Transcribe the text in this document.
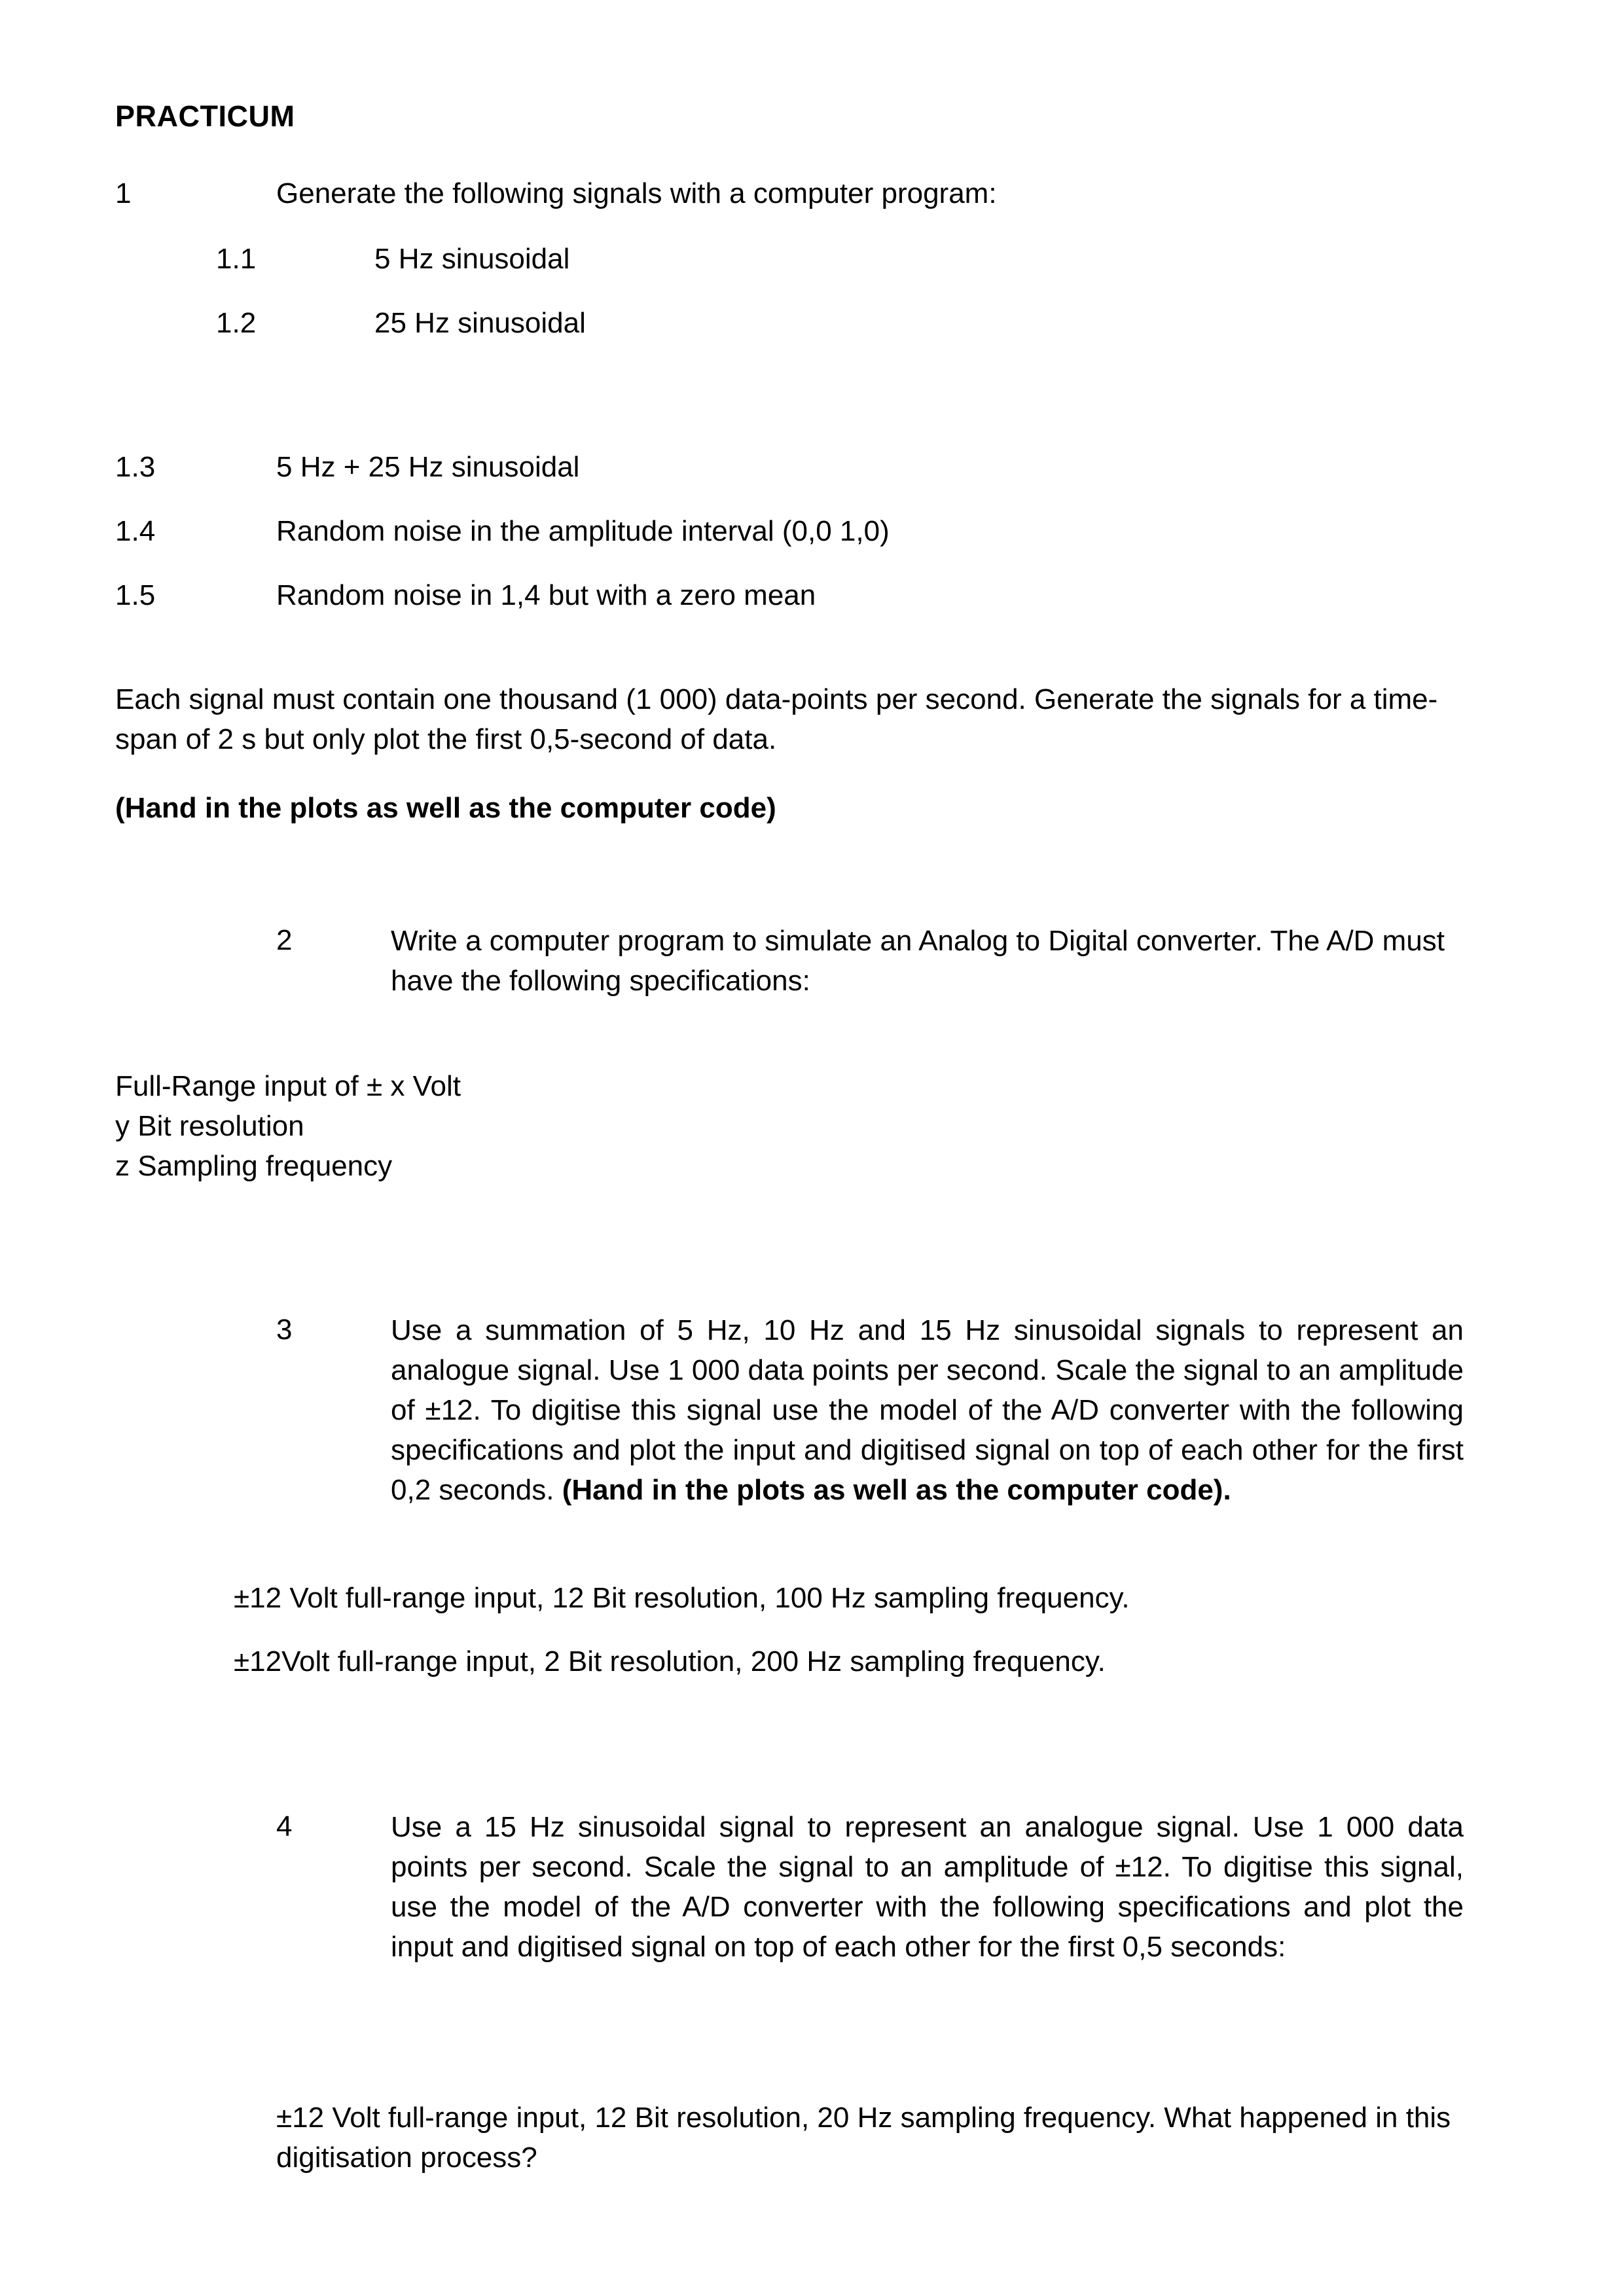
PRACTICUM
1	Generate the following signals with a computer program:
1.1	5 Hz sinusoidal
1.2	25 Hz sinusoidal
1.3	5 Hz + 25 Hz sinusoidal
1.4	Random noise in the amplitude interval (0,0 1,0)
1.5	Random noise in 1,4 but with a zero mean
Each signal must contain one thousand (1 000) data-points per second. Generate the signals for a time-span of 2 s but only plot the first 0,5-second of data.
(Hand in the plots as well as the computer code)
2	Write a computer program to simulate an Analog to Digital converter. The A/D must have the following specifications:
Full-Range input of ± x Volt
y Bit resolution
z Sampling frequency
3	Use a summation of 5 Hz, 10 Hz and 15 Hz sinusoidal signals to represent an analogue signal. Use 1 000 data points per second. Scale the signal to an amplitude of ±12. To digitise this signal use the model of the A/D converter with the following specifications and plot the input and digitised signal on top of each other for the first 0,2 seconds. (Hand in the plots as well as the computer code).
±12 Volt full-range input, 12 Bit resolution, 100 Hz sampling frequency.
±12Volt full-range input, 2 Bit resolution, 200 Hz sampling frequency.
4	Use a 15 Hz sinusoidal signal to represent an analogue signal. Use 1 000 data points per second. Scale the signal to an amplitude of ±12. To digitise this signal, use the model of the A/D converter with the following specifications and plot the input and digitised signal on top of each other for the first 0,5 seconds:
±12 Volt full-range input, 12 Bit resolution, 20 Hz sampling frequency. What happened in this digitisation process?
